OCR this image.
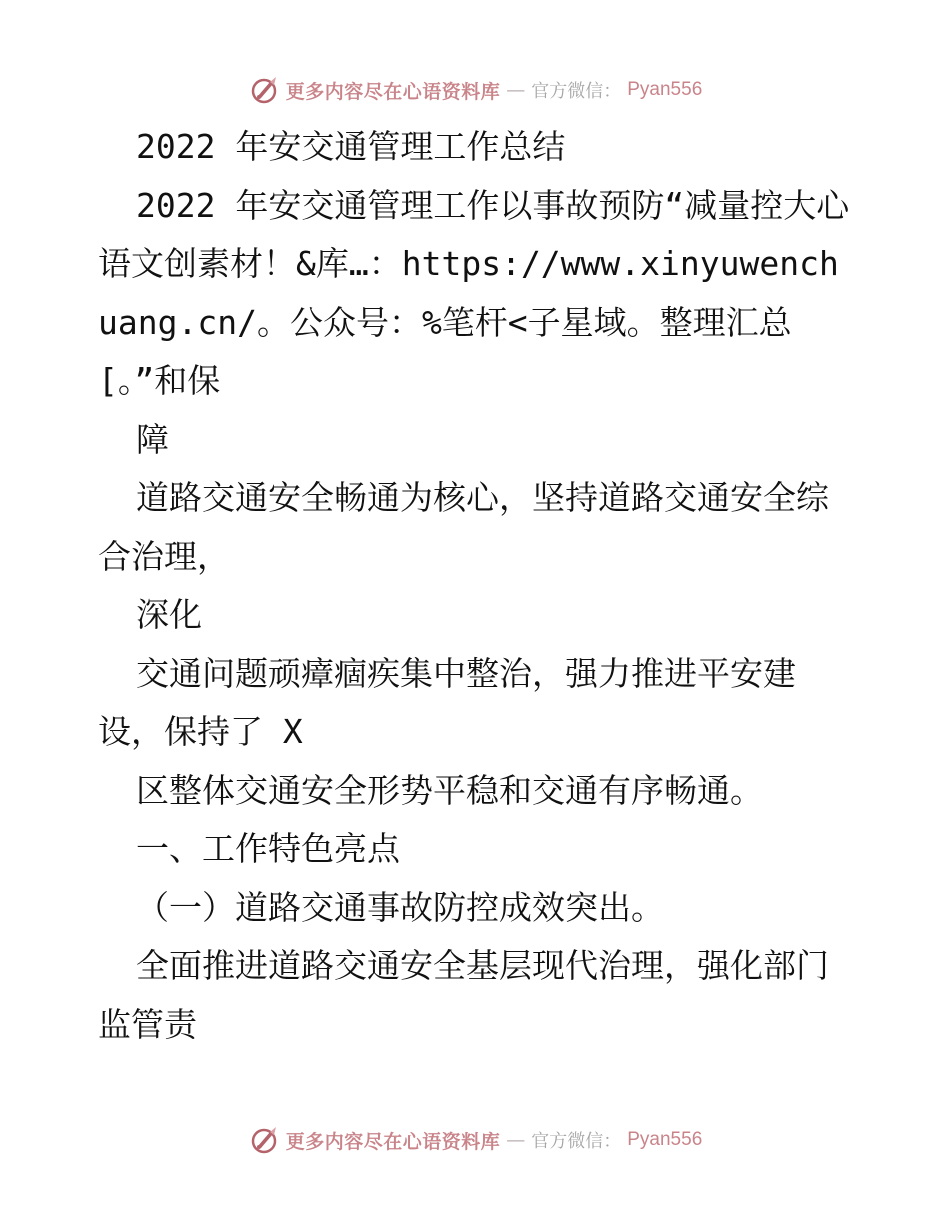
更多内容尽在心语资料库 — 官方微信： Pyan556

2022 年安交通管理工作总结

2022 年安交通管理工作以事故预防“减量控大心语文创素材！&库…：https://www.xinyuwenchuang.cn/。公众号：%笔杆<子星域。整理汇总[。”和保

障

道路交通安全畅通为核心，坚持道路交通安全综合治理，

深化

交通问题顽瘴痼疾集中整治，强力推进平安建设，保持了 X

区整体交通安全形势平稳和交通有序畅通。

一、工作特色亮点

（一）道路交通事故防控成效突出。

全面推进道路交通安全基层现代治理，强化部门监管责

更多内容尽在心语资料库 — 官方微信： Pyan556
